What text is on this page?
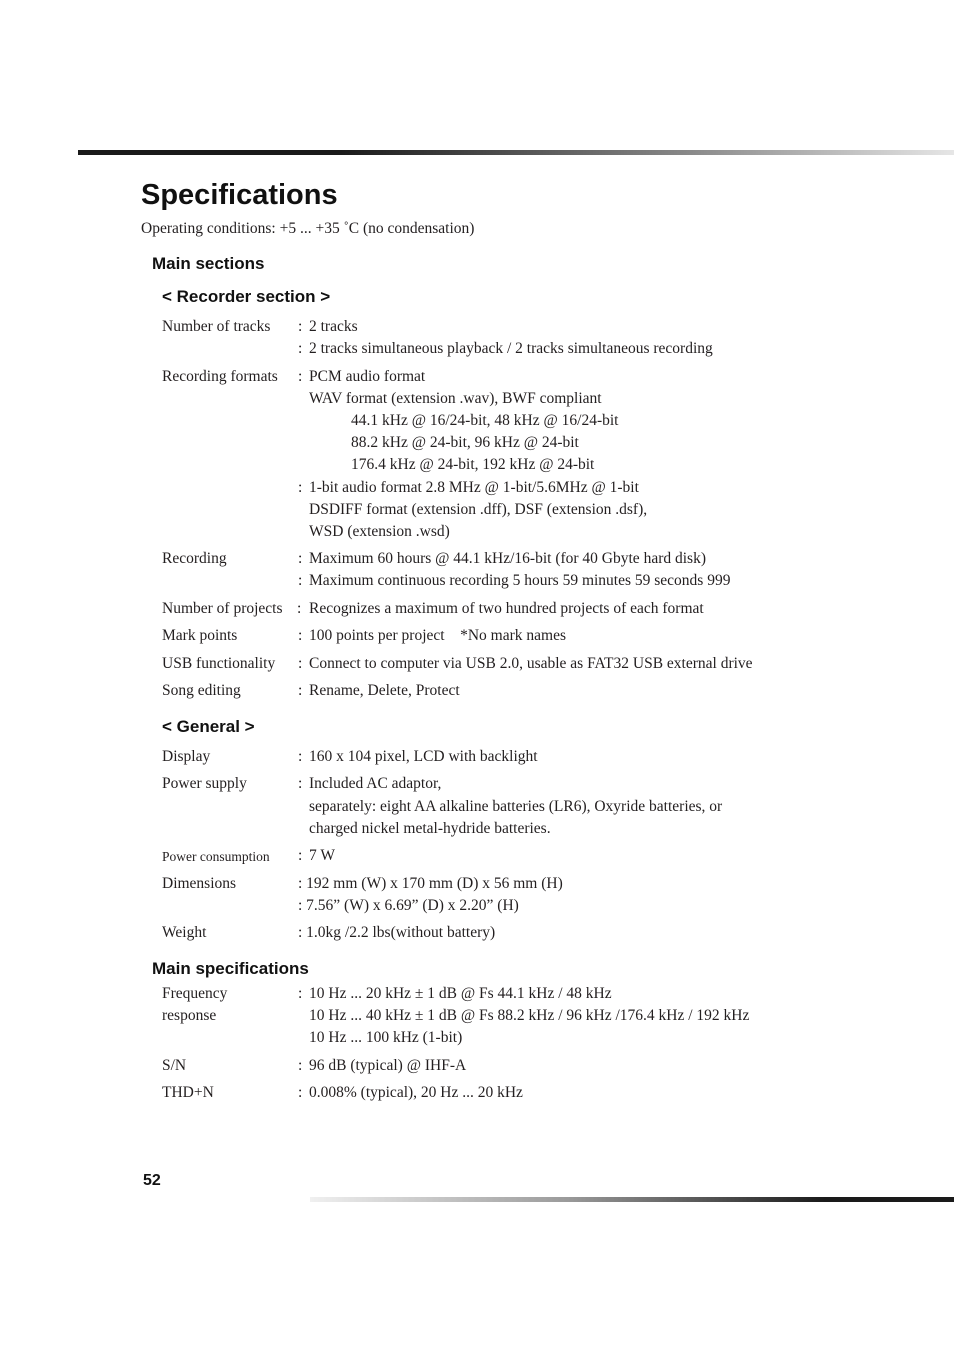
Specifications
Operating conditions: +5 ... +35 ˚C (no condensation)
Main sections
< Recorder section >
Number of tracks : 2 tracks
: 2 tracks simultaneous playback / 2 tracks simultaneous recording
Recording formats : PCM audio format
WAV format (extension .wav), BWF compliant
44.1 kHz @ 16/24-bit, 48 kHz @ 16/24-bit
88.2 kHz @ 24-bit, 96 kHz @ 24-bit
176.4 kHz @ 24-bit, 192 kHz @ 24-bit
: 1-bit audio format 2.8 MHz @ 1-bit/5.6MHz @ 1-bit
DSDIFF format (extension .dff), DSF (extension .dsf),
WSD (extension .wsd)
Recording	: Maximum 60 hours @ 44.1 kHz/16-bit (for 40 Gbyte hard disk)
: Maximum continuous recording 5 hours 59 minutes 59 seconds 999
Number of projects : Recognizes a maximum of two hundred projects of each format
Mark points	: 100 points per project    *No mark names
USB functionality : Connect to computer via USB 2.0, usable as FAT32 USB external drive
Song editing	: Rename, Delete, Protect
< General >
Display	: 160 x 104 pixel, LCD with backlight
Power supply	: Included AC adaptor,
separately: eight AA alkaline batteries (LR6), Oxyride batteries, or
charged nickel metal-hydride batteries.
Power consumption : 7 W
Dimensions	: 192 mm (W) x 170 mm (D) x 56 mm (H)
: 7.56” (W) x 6.69” (D) x 2.20” (H)
Weight	: 1.0kg /2.2 lbs(without battery)
Main specifications
Frequency
response
: 10 Hz ... 20 kHz ± 1 dB @ Fs 44.1 kHz / 48 kHz
10 Hz ... 40 kHz ± 1 dB @ Fs 88.2 kHz / 96 kHz /176.4 kHz / 192 kHz
10 Hz ... 100 kHz (1-bit)
S/N	: 96 dB (typical) @ IHF-A
THD+N	: 0.008% (typical), 20 Hz ... 20 kHz
52
